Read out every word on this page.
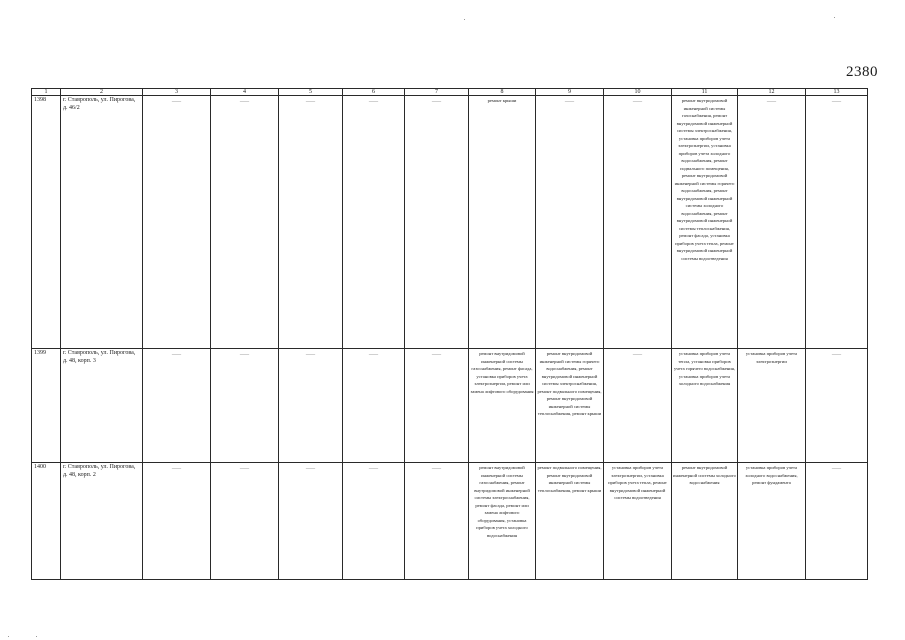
2380
1	2	3	4	5	6	7	8	9	10	11	12	13
1398	г. Ставрополь, ул. Пирогова, д. 46/2	——	——	——	——	——	ремонт крыши	——	——	ремонт внутридомовой инженерной системы газоснабжения, ремонт внутридомовой инженерной системы электроснабжения, установка приборов учета электроэнергии, установка приборов учета холодного водоснабжения, ремонт подвального помещения, ремонт внутридомовой инженерной системы горячего водоснабжения, ремонт внутридомовой инженерной системы холодного водоснабжения, ремонт внутридомовой инженерной системы теплоснабжения, ремонт фасада, установка приборов учета тепла, ремонт внутридомовой инженерной системы водоотведения	——	——
1399	г. Ставрополь, ул. Пирогова, д. 48, корп. 3	——	——	——	——	——	ремонт внутридомовой инженерной системы газоснабжения, ремонт фасада, установка приборов учета электроэнергии, ремонт или замена лифтового оборудования	ремонт внутридомовой инженерной системы горячего водоснабжения, ремонт внутридомовой инженерной системы электроснабжения, ремонт подвального помещения, ремонт внутридомовой инженерной системы теплоснабжения, ремонт крыши	——	установка приборов учета тепла, установка приборов учета горячего водоснабжения, установка приборов учета холодного водоснабжения	установка приборов учета электроэнергии	——
1400	г. Ставрополь, ул. Пирогова, д. 48, корп. 2	——	——	——	——	——	ремонт внутридомовой инженерной системы газоснабжения, ремонт внутридомовой инженерной системы электроснабжения, ремонт фасада, ремонт или замена лифтового оборудования, установка приборов учета холодного водоснабжения	ремонт подвального помещения, ремонт внутридомовой инженерной системы теплоснабжения, ремонт крыши	установка приборов учета электроэнергии, установка приборов учета тепла, ремонт внутридомовой инженерной системы водоотведения	ремонт внутридомовой инженерной системы холодного водоснабжения	установка приборов учета холодного водоснабжения, ремонт фундамента	——
